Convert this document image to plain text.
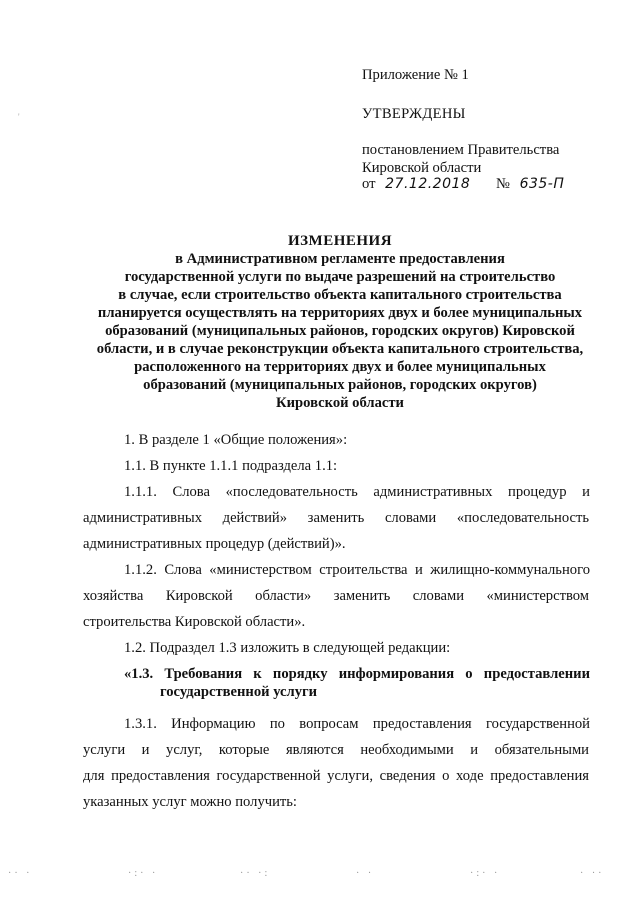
'
Приложение № 1
УТВЕРЖДЕНЫ
постановлением Правительства
Кировской области
от 27.12.2018 № 635-П
ИЗМЕНЕНИЯ
в Административном регламенте предоставления
государственной услуги по выдаче разрешений на строительство
в случае, если строительство объекта капитального строительства
планируется осуществлять на территориях двух и более муниципальных
образований (муниципальных районов, городских округов) Кировской
области, и в случае реконструкции объекта капитального строительства,
расположенного на территориях двух и более муниципальных
образований (муниципальных районов, городских округов)
Кировской области
1. В разделе 1 «Общие положения»:
1.1. В пункте 1.1.1 подраздела 1.1:
1.1.1. Слова «последовательность административных процедур и
административных действий» заменить словами «последовательность
административных процедур (действий)».
1.1.2. Слова «министерством строительства и жилищно-коммунального
хозяйства Кировской области» заменить словами «министерством
строительства Кировской области».
1.2. Подраздел 1.3 изложить в следующей редакции:
«1.3. Требования к порядку информирования о предоставлении
государственной услуги
1.3.1. Информацию по вопросам предоставления государственной
услуги и услуг, которые являются необходимыми и обязательными
для предоставления государственной услуги, сведения о ходе предоставления
указанных услуг можно получить:
·· ·	·:· ·	·· ·:	· ·	·:· ·	· ··
